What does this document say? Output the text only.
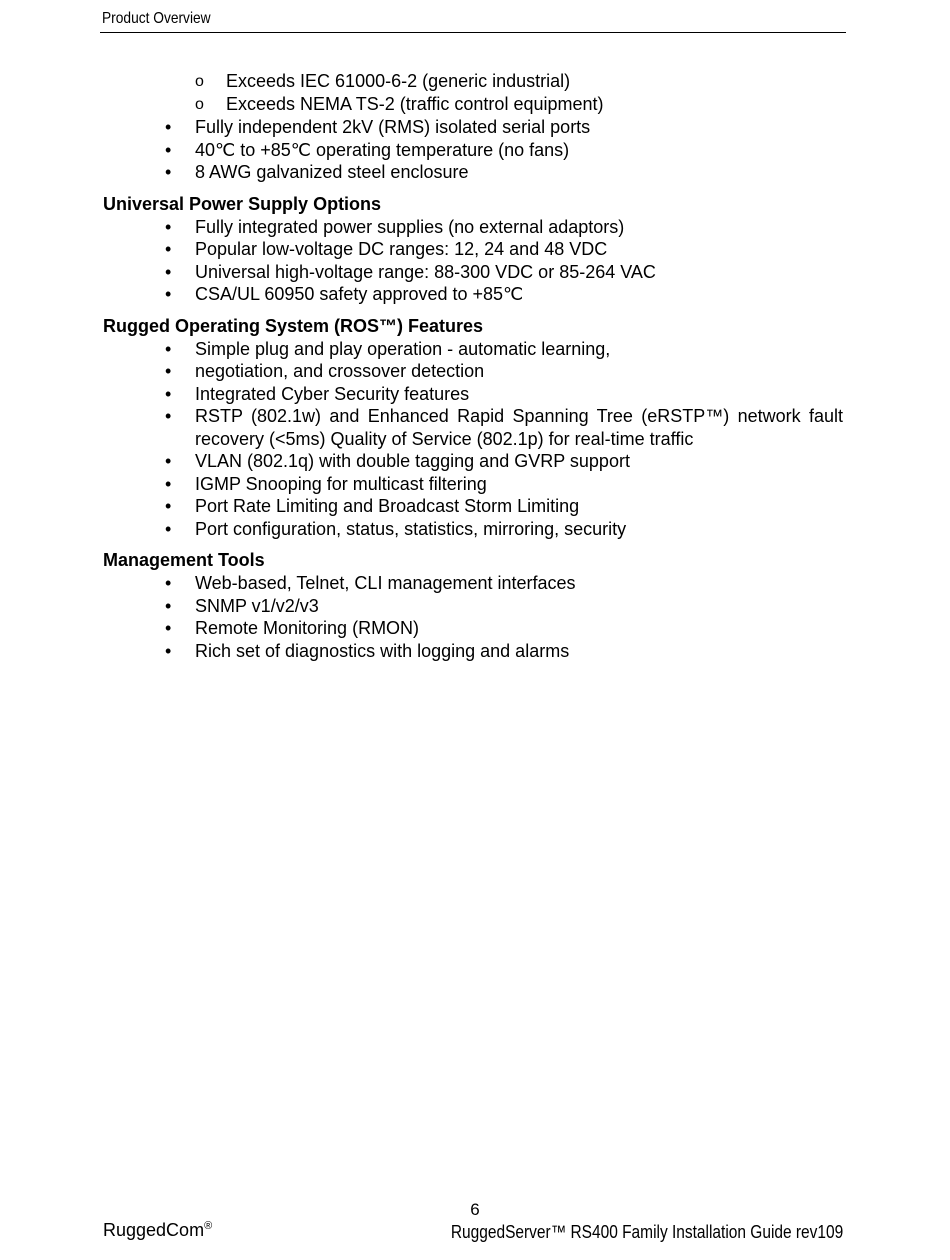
Product Overview
o Exceeds IEC 61000-6-2 (generic industrial)
o Exceeds NEMA TS-2 (traffic control equipment)
• Fully independent 2kV (RMS) isolated serial ports
• 40℃ to +85℃ operating temperature (no fans)
• 8 AWG galvanized steel enclosure
Universal Power Supply Options
• Fully integrated power supplies (no external adaptors)
• Popular low-voltage DC ranges: 12, 24 and 48 VDC
• Universal high-voltage range: 88-300 VDC or 85-264 VAC
• CSA/UL 60950 safety approved to +85℃
Rugged Operating System (ROS™) Features
• Simple plug and play operation - automatic learning,
• negotiation, and crossover detection
• Integrated Cyber Security features
• RSTP (802.1w) and Enhanced Rapid Spanning Tree (eRSTP™) network fault recovery (<5ms) Quality of Service (802.1p) for real-time traffic
• VLAN (802.1q) with double tagging and GVRP support
• IGMP Snooping for multicast filtering
• Port Rate Limiting and Broadcast Storm Limiting
• Port configuration, status, statistics, mirroring, security
Management Tools
• Web-based, Telnet, CLI management interfaces
• SNMP v1/v2/v3
• Remote Monitoring (RMON)
• Rich set of diagnostics with logging and alarms
6
RuggedCom®	RuggedServer™ RS400 Family Installation Guide rev109
